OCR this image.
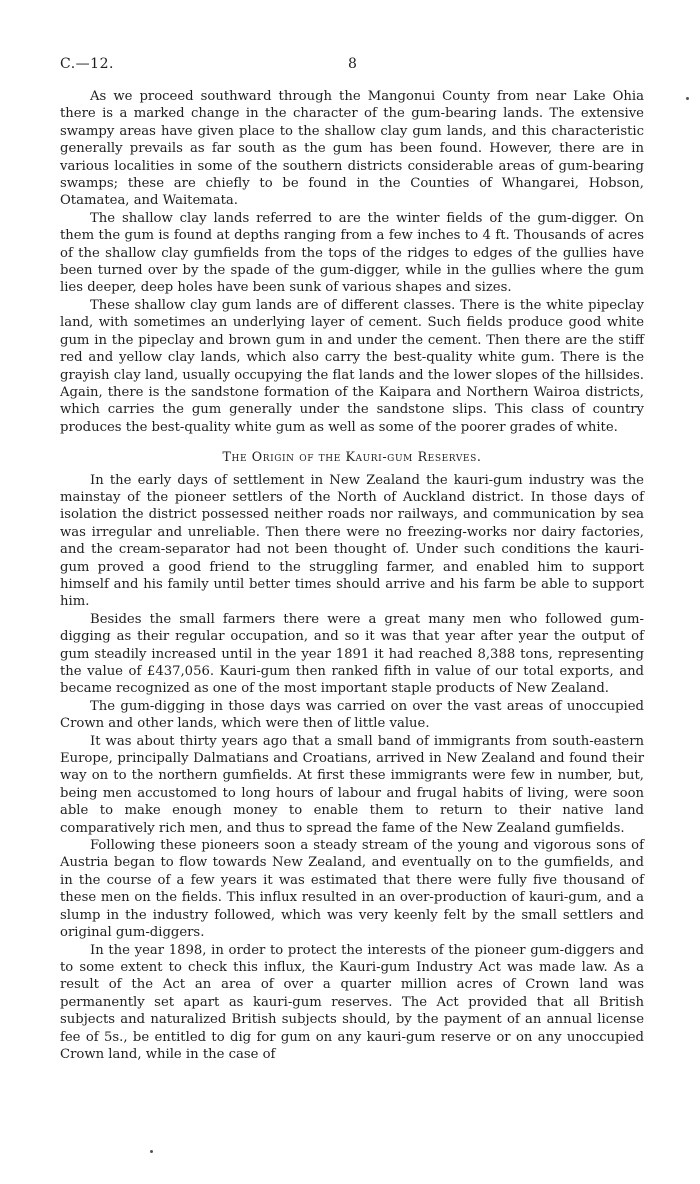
C.—12.	8

As we proceed southward through the Mangonui County from near Lake Ohia there is a marked change in the character of the gum-bearing lands. The extensive swampy areas have given place to the shallow clay gum lands, and this characteristic generally prevails as far south as the gum has been found. However, there are in various localities in some of the southern districts considerable areas of gum-bearing swamps; these are chiefly to be found in the Counties of Whangarei, Hobson, Otamatea, and Waitemata.

The shallow clay lands referred to are the winter fields of the gum-digger. On them the gum is found at depths ranging from a few inches to 4 ft. Thousands of acres of the shallow clay gumfields from the tops of the ridges to edges of the gullies have been turned over by the spade of the gum-digger, while in the gullies where the gum lies deeper, deep holes have been sunk of various shapes and sizes.

These shallow clay gum lands are of different classes. There is the white pipeclay land, with sometimes an underlying layer of cement. Such fields produce good white gum in the pipeclay and brown gum in and under the cement. Then there are the stiff red and yellow clay lands, which also carry the best-quality white gum. There is the grayish clay land, usually occupying the flat lands and the lower slopes of the hillsides. Again, there is the sandstone formation of the Kaipara and Northern Wairoa districts, which carries the gum generally under the sandstone slips. This class of country produces the best-quality white gum as well as some of the poorer grades of white.

The Origin of the Kauri-gum Reserves.

In the early days of settlement in New Zealand the kauri-gum industry was the mainstay of the pioneer settlers of the North of Auckland district. In those days of isolation the district possessed neither roads nor railways, and communication by sea was irregular and unreliable. Then there were no freezing-works nor dairy factories, and the cream-separator had not been thought of. Under such conditions the kauri-gum proved a good friend to the struggling farmer, and enabled him to support himself and his family until better times should arrive and his farm be able to support him.

Besides the small farmers there were a great many men who followed gum-digging as their regular occupation, and so it was that year after year the output of gum steadily increased until in the year 1891 it had reached 8,388 tons, representing the value of £437,056. Kauri-gum then ranked fifth in value of our total exports, and became recognized as one of the most important staple products of New Zealand.

The gum-digging in those days was carried on over the vast areas of unoccupied Crown and other lands, which were then of little value.

It was about thirty years ago that a small band of immigrants from south-eastern Europe, principally Dalmatians and Croatians, arrived in New Zealand and found their way on to the northern gumfields. At first these immigrants were few in number, but, being men accustomed to long hours of labour and frugal habits of living, were soon able to make enough money to enable them to return to their native land comparatively rich men, and thus to spread the fame of the New Zealand gumfields.

Following these pioneers soon a steady stream of the young and vigorous sons of Austria began to flow towards New Zealand, and eventually on to the gumfields, and in the course of a few years it was estimated that there were fully five thousand of these men on the fields. This influx resulted in an over-production of kauri-gum, and a slump in the industry followed, which was very keenly felt by the small settlers and original gum-diggers.

In the year 1898, in order to protect the interests of the pioneer gum-diggers and to some extent to check this influx, the Kauri-gum Industry Act was made law. As a result of the Act an area of over a quarter million acres of Crown land was permanently set apart as kauri-gum reserves. The Act provided that all British subjects and naturalized British subjects should, by the payment of an annual license fee of 5s., be entitled to dig for gum on any kauri-gum reserve or on any unoccupied Crown land, while in the case of
